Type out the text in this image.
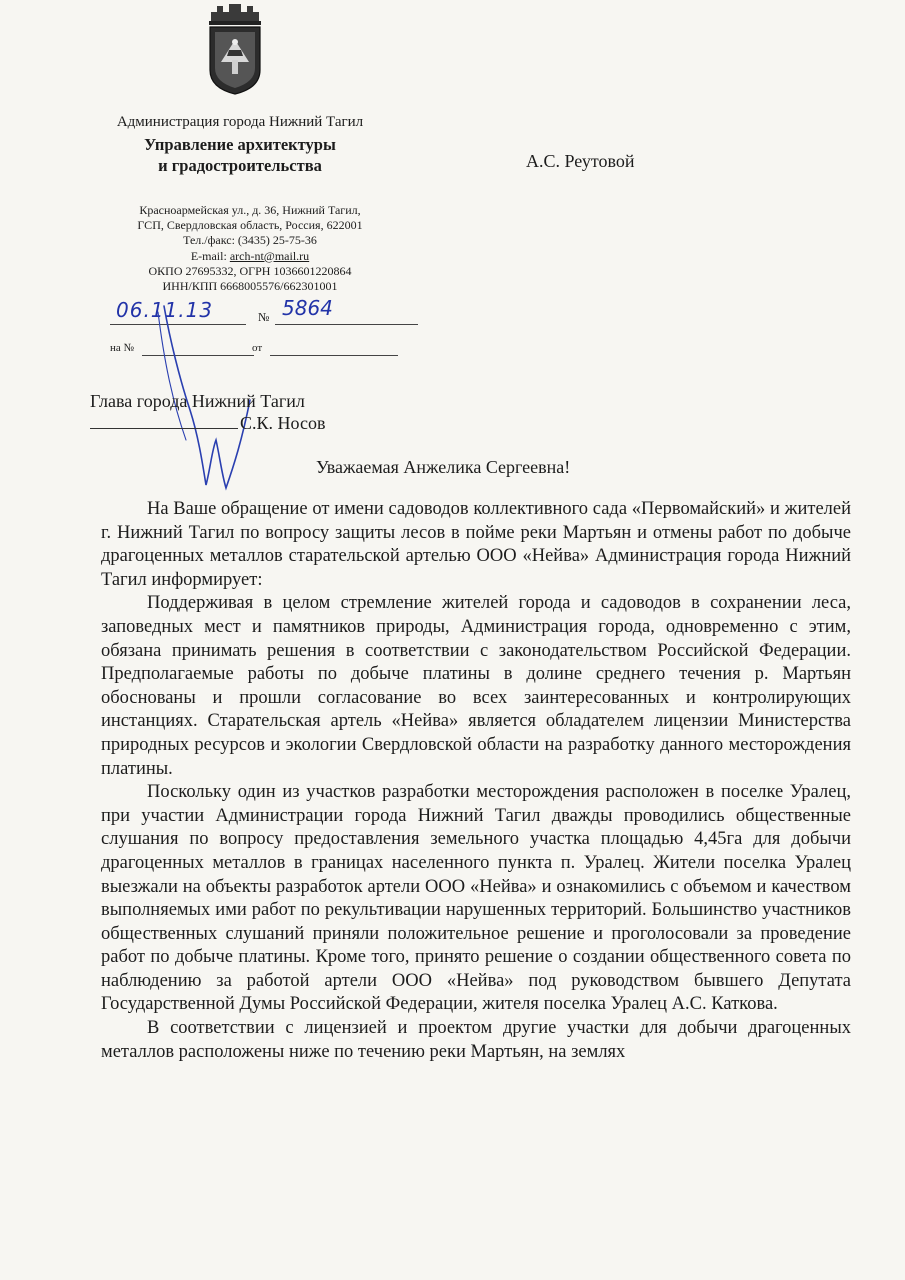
Администрация города Нижний Тагил
Управление архитектуры
и градостроительства
Красноармейская ул., д. 36, Нижний Тагил,
ГСП, Свердловская область, Россия, 622001
Тел./факс: (3435) 25-75-36
E-mail: arch-nt@mail.ru
ОКПО 27695332, ОГРН 1036601220864
ИНН/КПП 6668005576/662301001
А.С. Реутовой
06.11.13	№ 5864
на №	от
Глава города Нижний Тагил
С.К. Носов
Уважаемая Анжелика Сергеевна!

На Ваше обращение от имени садоводов коллективного сада «Первомайский» и жителей г. Нижний Тагил по вопросу защиты лесов в пойме реки Мартьян и отмены работ по добыче драгоценных металлов старательской артелью ООО «Нейва» Администрация города Нижний Тагил информирует:

Поддерживая в целом стремление жителей города и садоводов в сохранении леса, заповедных мест и памятников природы, Администрация города, одновременно с этим, обязана принимать решения в соответствии с законодательством Российской Федерации. Предполагаемые работы по добыче платины в долине среднего течения р. Мартьян обоснованы и прошли согласование во всех заинтересованных и контролирующих инстанциях. Старательская артель «Нейва» является обладателем лицензии Министерства природных ресурсов и экологии Свердловской области на разработку данного месторождения платины.

Поскольку один из участков разработки месторождения расположен в поселке Уралец, при участии Администрации города Нижний Тагил дважды проводились общественные слушания по вопросу предоставления земельного участка площадью 4,45га для добычи драгоценных металлов в границах населенного пункта п. Уралец. Жители поселка Уралец выезжали на объекты разработок артели ООО «Нейва» и ознакомились с объемом и качеством выполняемых ими работ по рекультивации нарушенных территорий. Большинство участников общественных слушаний приняли положительное решение и проголосовали за проведение работ по добыче платины. Кроме того, принято решение о создании общественного совета по наблюдению за работой артели ООО «Нейва» под руководством бывшего Депутата Государственной Думы Российской Федерации, жителя поселка Уралец А.С. Каткова.

В соответствии с лицензией и проектом другие участки для добычи драгоценных металлов расположены ниже по течению реки Мартьян, на землях
